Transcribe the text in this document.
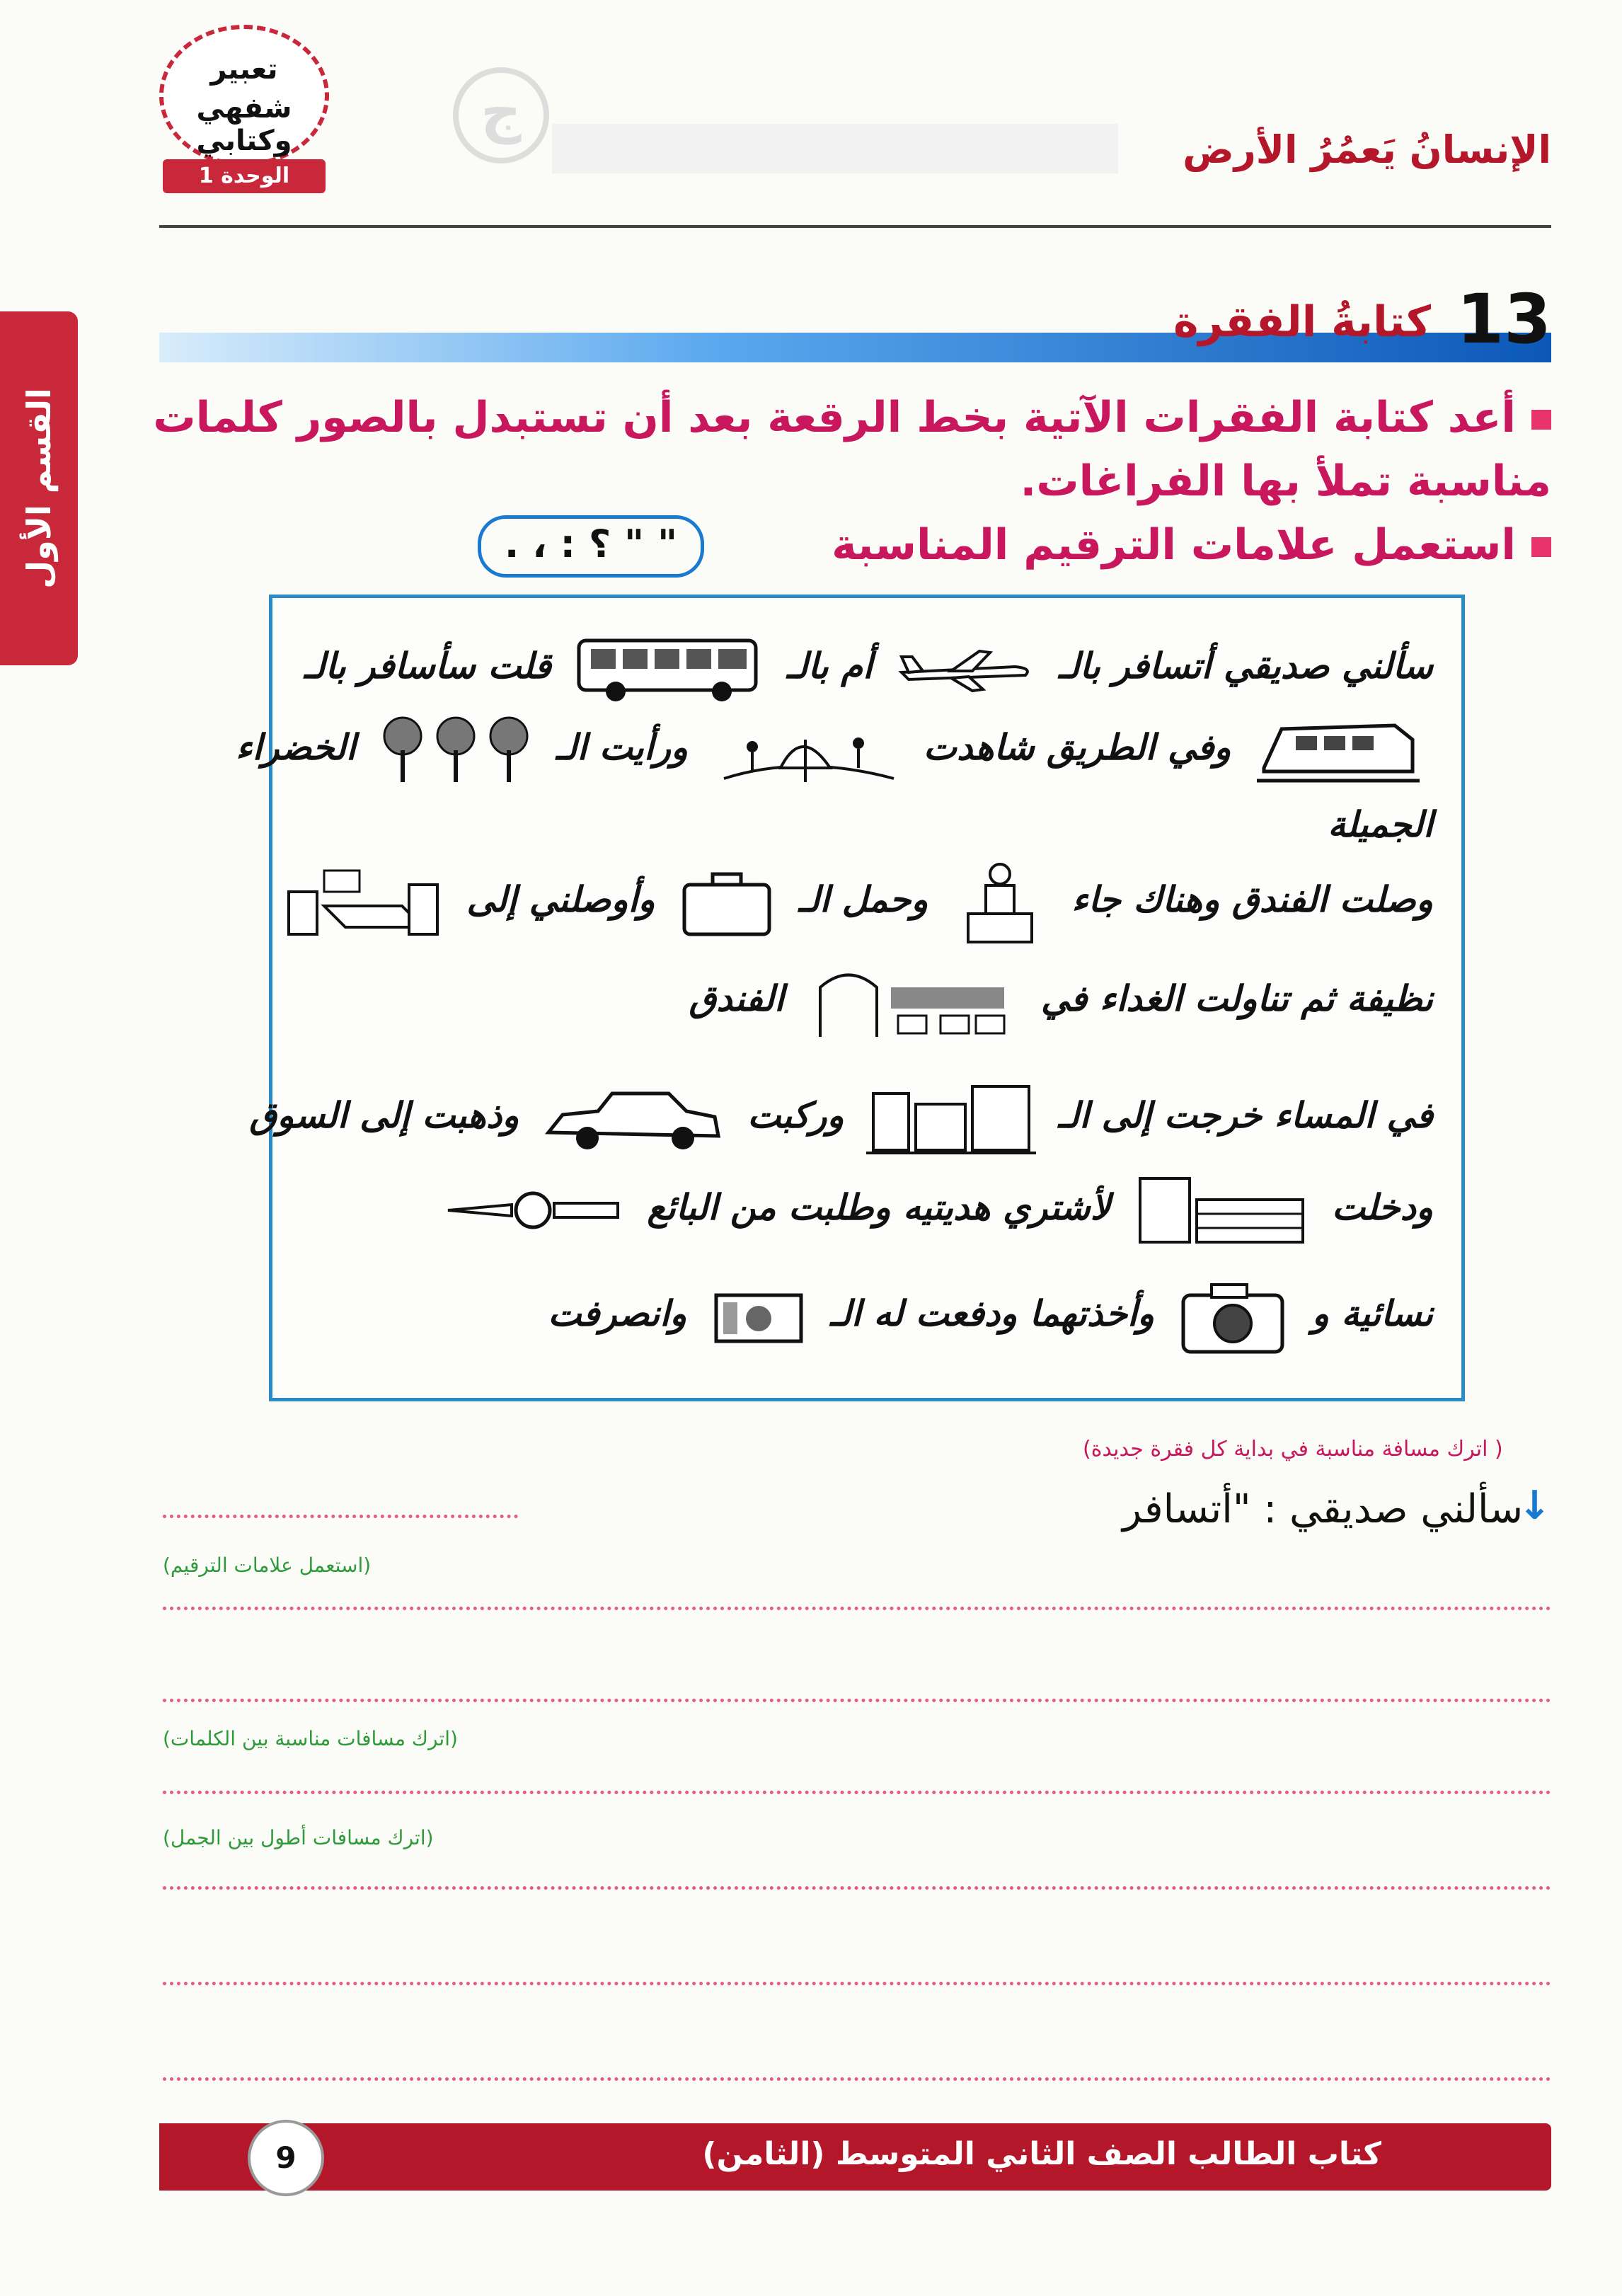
تعبير
شفهي وكتابي
الوحدة 1
ج
الإنسانُ يَعمُرُ الأرض
القسم الأول
13
كتابةُ الفقرة
أعد كتابة الفقرات الآتية بخط الرقعة بعد أن تستبدل بالصور كلمات مناسبة تملأ بها الفراغات.
استعمل علامات الترقيم المناسبة
. ، : ؟ " "
سألني صديقي أتسافر بالـ  أم بالـ  قلت سأسافر بالـ
وفي الطريق شاهدت  ورأيت الـ  الخضراء
الجميلة
وصلت الفندق وهناك جاء  وحمل الـ  وأوصلني إلى
نظيفة ثم تناولت الغداء في  الفندق
في المساء خرجت إلى الـ  وركبت  وذهبت إلى السوق
ودخلت  لأشتري هديتيه وطلبت من البائع
نسائية و  وأخذتهما ودفعت له الـ  وانصرفت
( اترك مسافة مناسبة في بداية كل فقرة جديدة)
↓
سألني صديقي : "أتسافر
(استعمل علامات الترقيم)
(اترك مسافات مناسبة بين الكلمات)
(اترك مسافات أطول بين الجمل)
كتاب الطالب الصف الثاني المتوسط (الثامن)
9
